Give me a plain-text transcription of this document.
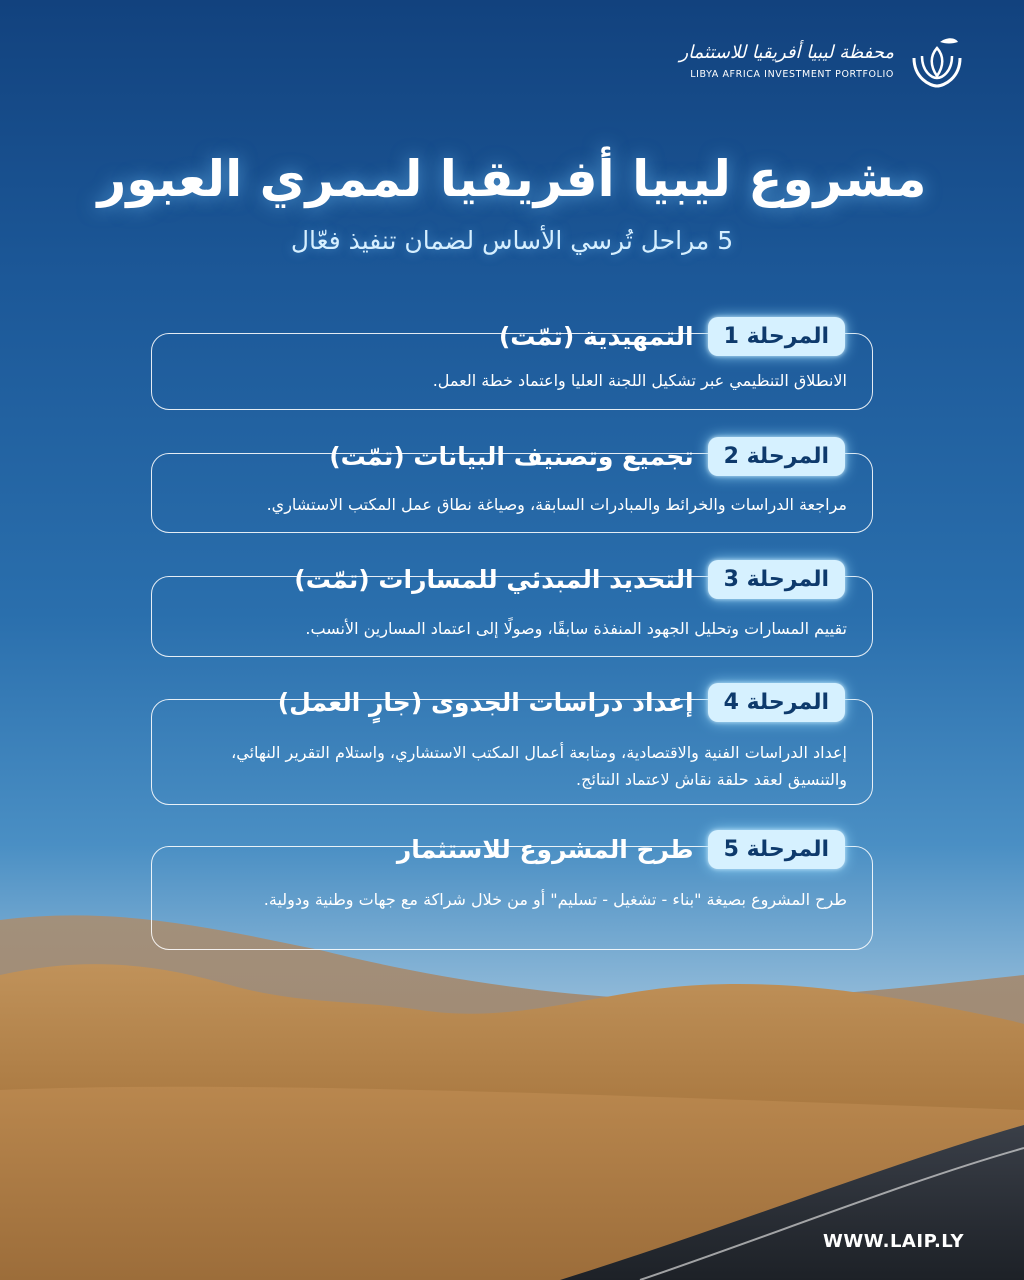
محفظة ليبيا أفريقيا للاستثمار
LIBYA AFRICA INVESTMENT PORTFOLIO
مشروع ليبيا أفريقيا لممري العبور
5 مراحل تُرسي الأساس لضمان تنفيذ فعّال
المرحلة 1
التمهيدية (تمّت)
الانطلاق التنظيمي عبر تشكيل اللجنة العليا واعتماد خطة العمل.
المرحلة 2
تجميع وتصنيف البيانات (تمّت)
مراجعة الدراسات والخرائط والمبادرات السابقة، وصياغة نطاق عمل المكتب الاستشاري.
المرحلة 3
التحديد المبدئي للمسارات (تمّت)
تقييم المسارات وتحليل الجهود المنفذة سابقًا، وصولًا إلى اعتماد المسارين الأنسب.
المرحلة 4
إعداد دراسات الجدوى (جارٍ العمل)
إعداد الدراسات الفنية والاقتصادية، ومتابعة أعمال المكتب الاستشاري، واستلام التقرير النهائي، والتنسيق لعقد حلقة نقاش لاعتماد النتائج.
المرحلة 5
طرح المشروع للاستثمار
طرح المشروع بصيغة "بناء - تشغيل - تسليم" أو من خلال شراكة مع جهات وطنية ودولية.
WWW.LAIP.LY
